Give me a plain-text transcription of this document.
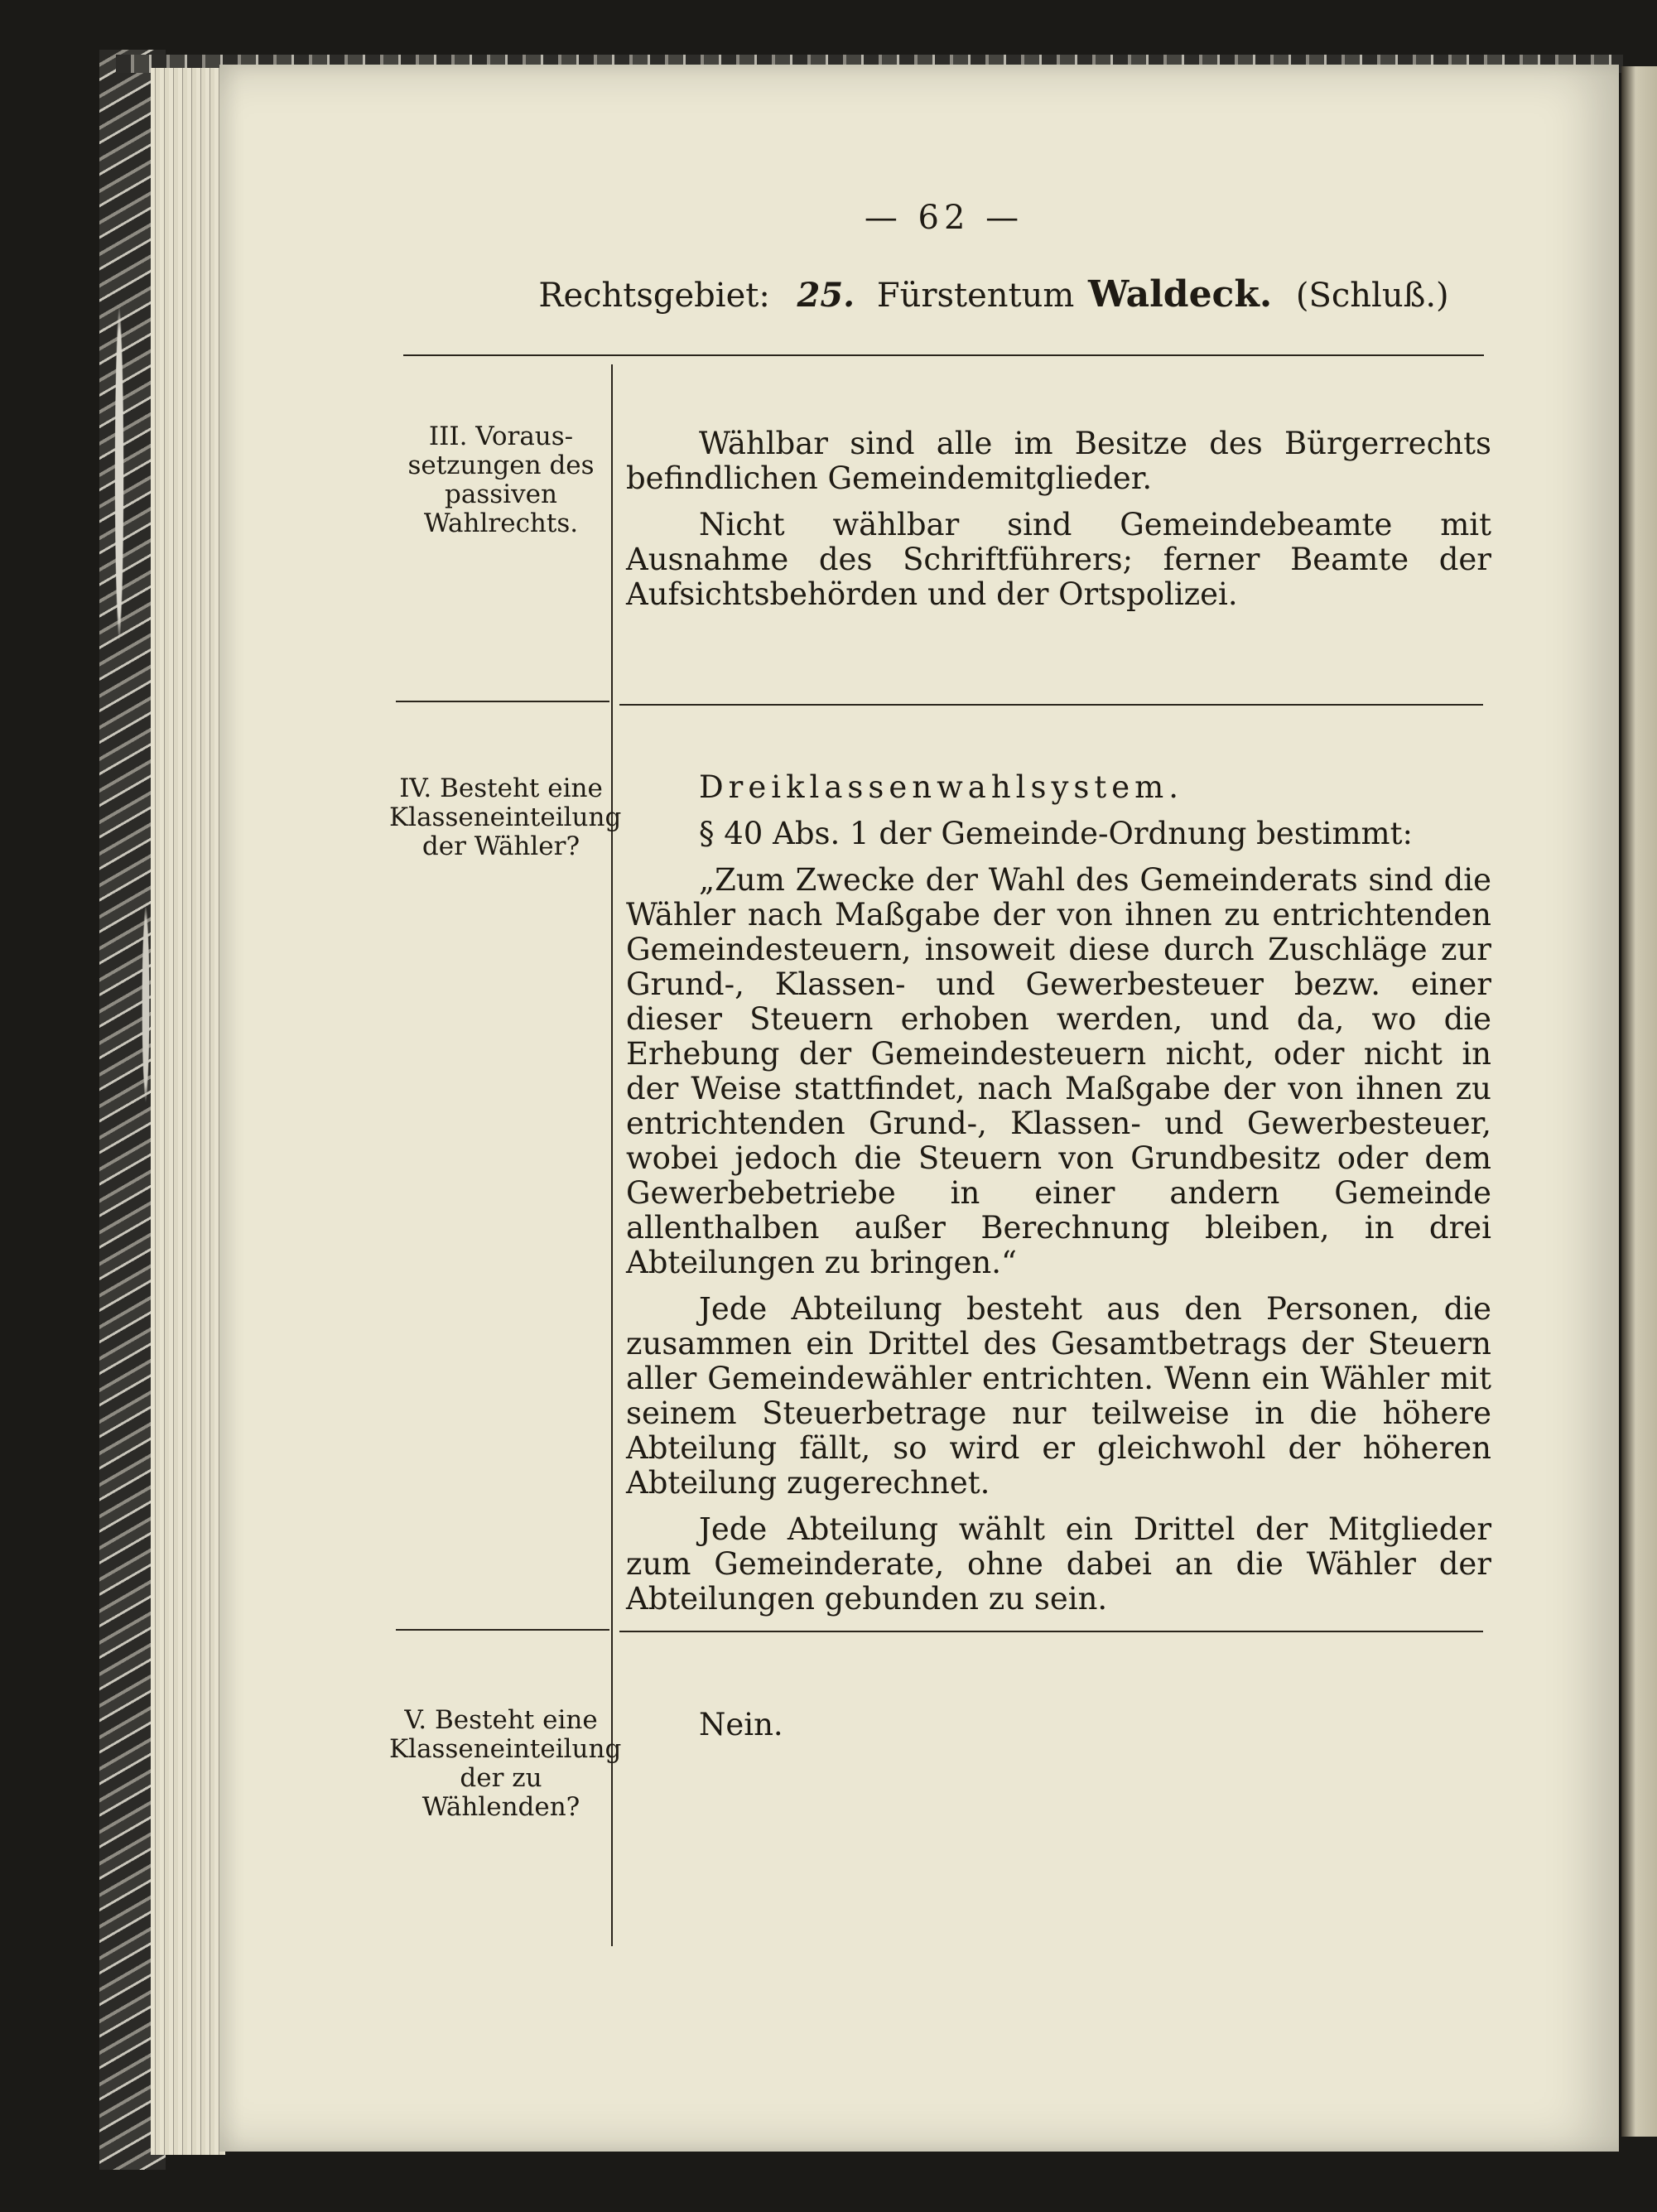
— 62 —
Rechtsgebiet: 25. Fürstentum Waldeck. (Schluß.)
III. Voraus-
setzungen des
passiven
Wahlrechts.

Wählbar sind alle im Besitze des Bürgerrechts befindlichen Gemeindemitglieder.

Nicht wählbar sind Gemeindebeamte mit Ausnahme des Schriftführers; ferner Beamte der Aufsichtsbehörden und der Ortspolizei.

IV. Besteht eine
Klasseneinteilung
der Wähler?

Dreiklassenwahlsystem.

§ 40 Abs. 1 der Gemeinde-Ordnung bestimmt:

„Zum Zwecke der Wahl des Gemeinderats sind die Wähler nach Maßgabe der von ihnen zu entrichtenden Gemeindesteuern, insoweit diese durch Zuschläge zur Grund-, Klassen- und Gewerbesteuer bezw. einer dieser Steuern erhoben werden, und da, wo die Erhebung der Gemeindesteuern nicht, oder nicht in der Weise stattfindet, nach Maßgabe der von ihnen zu entrichtenden Grund-, Klassen- und Gewerbesteuer, wobei jedoch die Steuern von Grundbesitz oder dem Gewerbebetriebe in einer andern Gemeinde allenthalben außer Berechnung bleiben, in drei Abteilungen zu bringen.“

Jede Abteilung besteht aus den Personen, die zusammen ein Drittel des Gesamtbetrags der Steuern aller Gemeindewähler entrichten. Wenn ein Wähler mit seinem Steuerbetrage nur teilweise in die höhere Abteilung fällt, so wird er gleichwohl der höheren Abteilung zugerechnet.

Jede Abteilung wählt ein Drittel der Mitglieder zum Gemeinderate, ohne dabei an die Wähler der Abteilungen gebunden zu sein.

V. Besteht eine
Klasseneinteilung
der zu
Wählenden?

Nein.
